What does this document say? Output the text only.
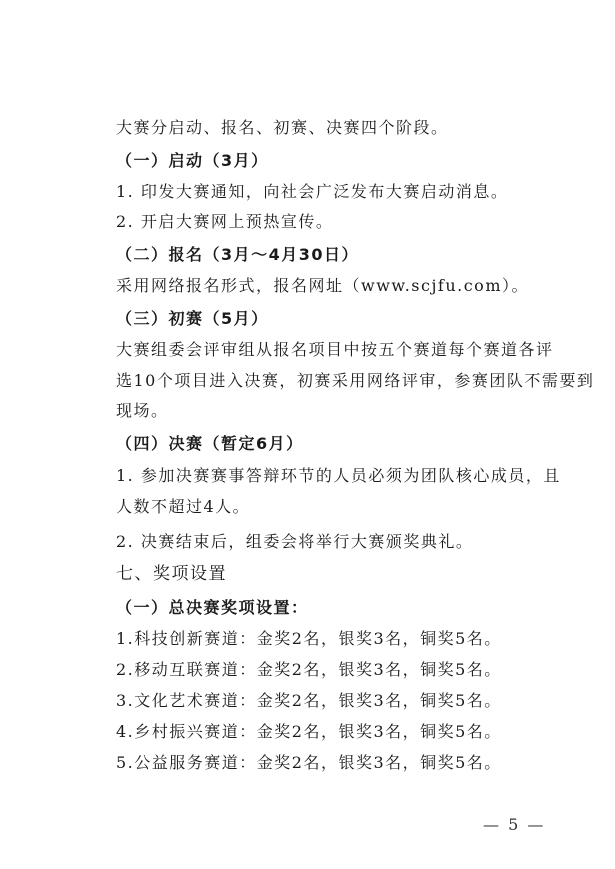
大赛分启动、报名、初赛、决赛四个阶段。
（一）启动（3月）
1. 印发大赛通知，向社会广泛发布大赛启动消息。
2. 开启大赛网上预热宣传。
（二）报名（3月～4月30日）
采用网络报名形式，报名网址（www.scjfu.com）。
（三）初赛（5月）
大赛组委会评审组从报名项目中按五个赛道每个赛道各评
选10个项目进入决赛，初赛采用网络评审，参赛团队不需要到
现场。
（四）决赛（暂定6月）
1. 参加决赛赛事答辩环节的人员必须为团队核心成员，且
人数不超过4人。
2. 决赛结束后，组委会将举行大赛颁奖典礼。
七、奖项设置
（一）总决赛奖项设置：
1.科技创新赛道：金奖2名，银奖3名，铜奖5名。
2.移动互联赛道：金奖2名，银奖3名，铜奖5名。
3.文化艺术赛道：金奖2名，银奖3名，铜奖5名。
4.乡村振兴赛道：金奖2名，银奖3名，铜奖5名。
5.公益服务赛道：金奖2名，银奖3名，铜奖5名。
— 5 —
